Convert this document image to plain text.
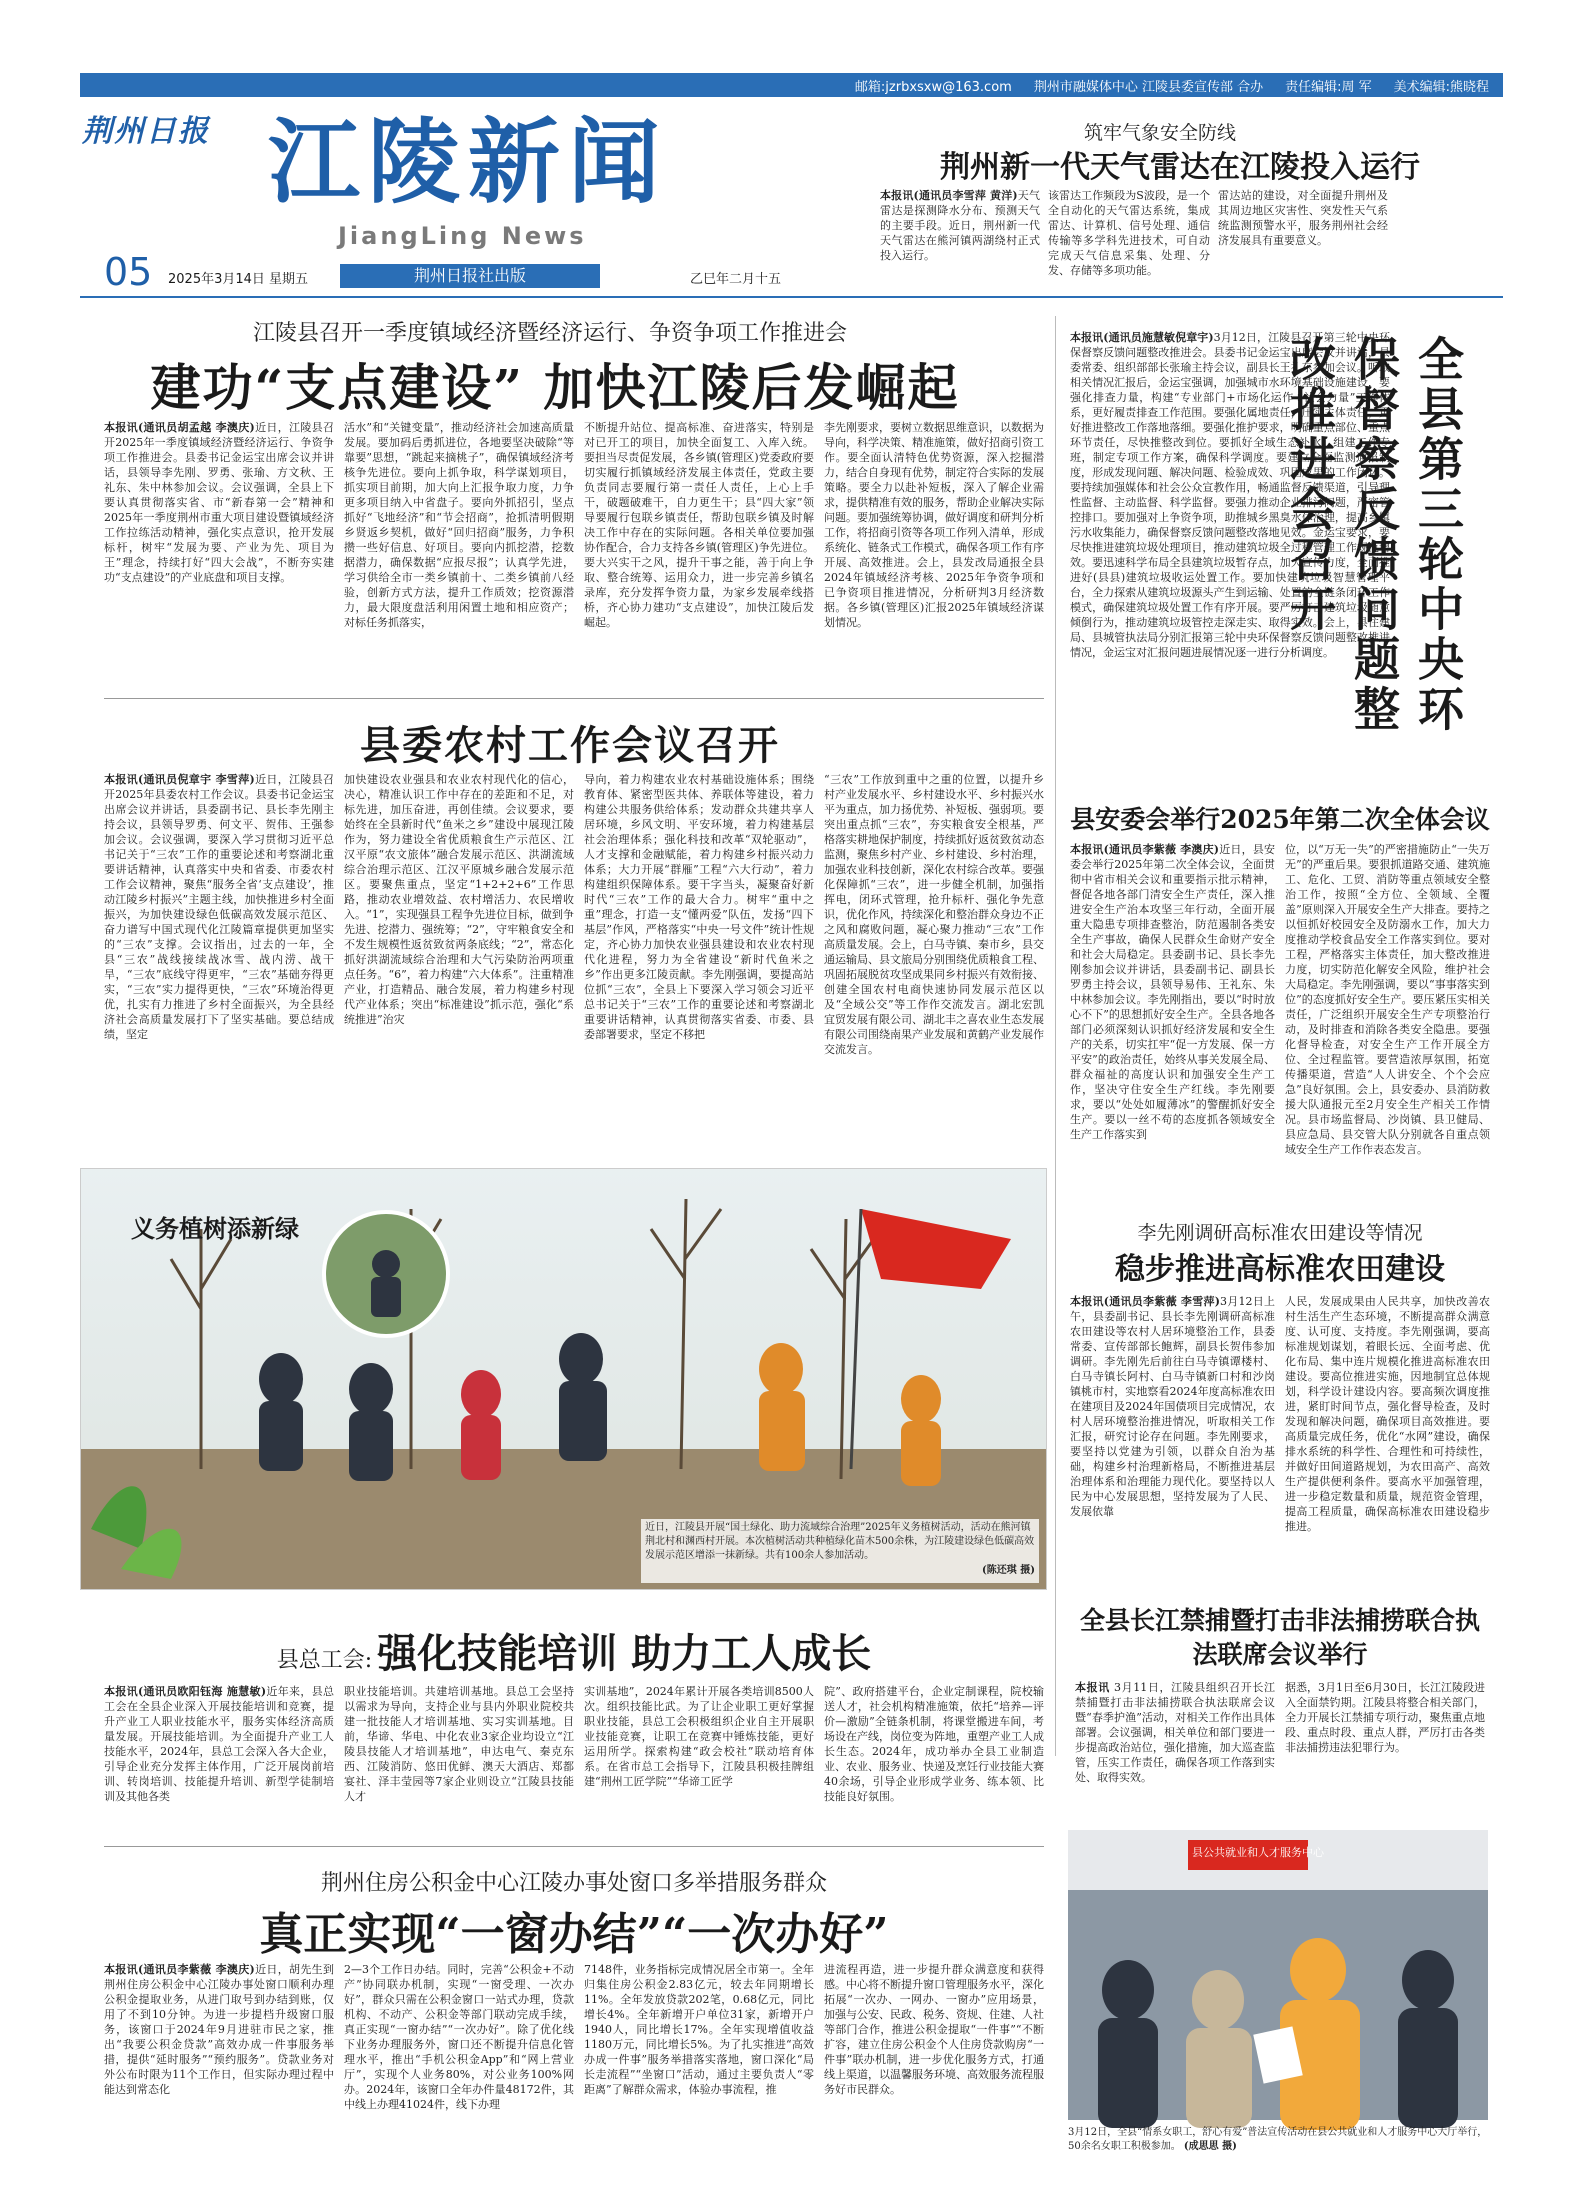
邮箱:jzrbxsxw@163.com 荆州市融媒体中心 江陵县委宣传部 合办 责任编辑:周 军 美术编辑:熊晓程
荆州日报 江陵新闻
JiangLing News
05	2025年3月14日 星期五	荆州日报社出版	乙巳年二月十五
筑牢气象安全防线
荆州新一代天气雷达在江陵投入运行
本报讯(通讯员李雪萍 黄洋)天气雷达是探测降水分布、预测天气的主要手段。近日，荆州新一代天气雷达在熊河镇两湖绕村正式投入运行。
该雷达工作频段为S波段，是一个全自动化的天气雷达系统，集成雷达、计算机、信号处理、通信传输等多学科先进技术，可自动完成天气信息采集、处理、分发、存储等多项功能。
雷达站的建设，对全面提升荆州及其周边地区灾害性、突发性天气系统监测预警水平，服务荆州社会经济发展具有重要意义。
江陵县召开一季度镇域经济暨经济运行、争资争项工作推进会
建功“支点建设” 加快江陵后发崛起
本报讯(通讯员胡孟越 李澳庆)近日，江陵县召开2025年一季度镇域经济暨经济运行、争资争项工作推进会。县委书记金运宝出席会议并讲话，县领导李先刚、罗勇、张瑜、方文秋、王礼东、朱中林参加会议。会议强调，全县上下要认真贯彻落实省、市“新春第一会”精神和2025年一季度荆州市重大项目建设暨镇域经济工作拉练活动精神，强化实点意识，抢开发展标杆，树牢“发展为要、产业为先、项目为王”理念，持续打好“四大会战”，不断夯实建功“支点建设”的产业底盘和项目支撑。
活水”和“关键变量”，推动经济社会加速高质量发展。要加码后勇抓进位，各地要坚决破除“等靠要”思想，“跳起来摘桃子”，确保镇域经济考核争先进位。要向上抓争取，科学谋划项目，抓实项目前期，加大向上汇报争取力度，力争更多项目纳入中省盘子。要向外抓招引，坚点抓好“飞地经济”和“节会招商”，抢抓清明假期乡贤返乡契机，做好“回归招商”服务，力争积攒一些好信息、好项目。要向内抓挖潜，挖数据潜力，确保数据“应报尽报”；认真学先进，学习供给全市一类乡镇前十、二类乡镇前八经验，创新方式方法，提升工作质效；挖资源潜力，最大限度盘活利用闲置土地和相应资产；对标任务抓落实，
不断提升站位、提高标准、奋进落实，特别是对已开工的项目，加快全面复工、入库入统。要担当尽责促发展，各乡镇(管理区)党委政府要切实履行抓镇域经济发展主体责任，党政主要负责同志要履行第一责任人责任，上心上手干，破题破难干，自力更生干；县“四大家”领导要履行包联乡镇责任，帮助包联乡镇及时解决工作中存在的实际问题。各相关单位要加强协作配合，合力支持各乡镇(管理区)争先进位。要大兴实干之风，提升干事之能，善于向上争取、整合统筹、运用众力，进一步完善乡镇名录库，充分发挥争资力量，为家乡发展牵线搭桥，齐心协力建功“支点建设”，加快江陵后发崛起。
李先刚要求，要树立数据思维意识，以数据为导向，科学决策、精准施策，做好招商引资工作。要全面认清特色优势资源，深入挖掘潜力，结合自身现有优势，制定符合实际的发展策略。要全力以赴补短板，深入了解企业需求，提供精准有效的服务，帮助企业解决实际问题。要加强统筹协调，做好调度和研判分析工作，将招商引资等各项工作列入清单，形成系统化、链条式工作模式，确保各项工作有序开展、高效推进。会上，县发改局通报全县2024年镇域经济考核、2025年争资争项和已争资项目推进情况，分析研判3月经济数据。各乡镇(管理区)汇报2025年镇域经济谋划情况。
本报讯(通讯员施慧敏倪章宇)3月12日，江陵县召开第三轮中央环保督察反馈问题整改推进会。县委书记金运宝出席会议并讲话，县委常委、组织部部长张瑜主持会议，副县长王礼东参加会议。听取相关情况汇报后，金运宝强调，加强城市水环境基础设施建设，要强化排查力量，构建“专业部门+市场化运作+社会力量”工作体系，更好履责排查工作范围。要强化属地责任，压实主体责任，更好推进整改工作落地落细。要强化推护要求，明确重点部位、重点环节责任，尽快推整改到位。要抓好全域生态补水，组建工作专班，制定专项工作方案，确保科学调度。要建立全面监测通报制度，形成发现问题、解决问题、检验成效、巩固成果的工作闭环。要持续加强媒体和社会公众宣教作用，畅通监督反馈渠道，引导理性监督、主动监督、科学监督。要强力推动企业排污问题，严密管控排口。要加强对上争资争项，助推城乡黑臭水体治理，提高乡镇污水收集能力，确保督察反馈问题整改落地见效。金运宝要求，要尽快推进建筑垃圾处理项目，推动建筑垃圾全过程管理工作规范增效。要迅速科学布局全县建筑垃圾暂存点，加大宣传力度，全面推进好(县县)建筑垃圾收运处置工作。要加快建筑垃圾智慧管理平台，全力探索从建筑垃圾源头产生到运输、处置的全链条闭环工作模式，确保建筑垃圾处置工作有序开展。要严厉打击建筑垃圾随意倾倒行为，推动建筑垃圾管控走深走实、取得实效。会上，县住建局、县城管执法局分别汇报第三轮中央环保督察反馈问题整改推进情况，金运宝对汇报问题进展情况逐一进行分析调度。	全县第三轮中央环保督察反馈问题整改推进会召开
县委农村工作会议召开
本报讯(通讯员倪章宇 李雪萍)近日，江陵县召开2025年县委农村工作会议。县委书记金运宝出席会议并讲话，县委副书记、县长李先刚主持会议，县领导罗勇、何文平、贺伟、王强参加会议。会议强调，要深入学习贯彻习近平总书记关于“三农”工作的重要论述和考察湖北重要讲话精神，认真落实中央和省委、市委农村工作会议精神，聚焦“服务全省‘支点建设’，推动江陵乡村振兴”主题主线，加快推进乡村全面振兴，为加快建设绿色低碳高效发展示范区、奋力谱写中国式现代化江陵篇章提供更加坚实的“三农”支撑。会议指出，过去的一年，全县“三农”战线接续战冰雪、战内涝、战干旱，“三农”底线守得更牢，“三农”基础夯得更实，“三农”实力提得更快，“三农”环境治得更优，扎实有力推进了乡村全面振兴，为全县经济社会高质量发展打下了坚实基础。要总结成绩，坚定
加快建设农业强县和农业农村现代化的信心，决心，精准认识工作中存在的差距和不足，对标先进，加压奋进，再创佳绩。会议要求，要始终在全县新时代“鱼米之乡”建设中展现江陵作为，努力建设全省优质粮食生产示范区、江汉平原“农文旅体”融合发展示范区、洪湖流域综合治理示范区、江汉平原城乡融合发展示范区。要聚焦重点，坚定“1+2+2+6”工作思路，推动农业增效益、农村增活力、农民增收入。“1”，实现强县工程争先进位目标，做到争先进、挖潜力、强统筹；“2”，守牢粮食安全和不发生规模性返贫致贫两条底线；“2”，常态化抓好洪湖流域综合治理和大气污染防治两项重点任务。“6”，着力构建“六大体系”。注重精准产业，打造精品、融合发展，着力构建乡村现代产业体系；突出“标准建设”抓示范，强化“系统推进”治灾
导向，着力构建农业农村基础设施体系；围绕教育体、紧密型医共体、养联体等建设，着力构建公共服务供给体系；发动群众共建共享人居环境，乡风文明、平安环境，着力构建基层社会治理体系；强化科技和改革“双轮驱动”，人才支撑和金融赋能，着力构建乡村振兴动力体系；大力开展“群雁”工程“六大行动”，着力构建组织保障体系。要干字当头，凝聚奋好新时代“三农”工作的最大合力。树牢“重中之重”理念，打造一支“懂两爱”队伍，发扬“四下基层”作风，严格落实“中央一号文件”统计性规定，齐心协力加快农业强县建设和农业农村现代化进程，努力为全省建设“新时代鱼米之乡”作出更多江陵贡献。李先刚强调，要提高站位抓“三农”，全县上下要深入学习领会习近平总书记关于“三农”工作的重要论述和考察湖北重要讲话精神，认真贯彻落实省委、市委、县委部署要求，坚定不移把
“三农”工作放到重中之重的位置，以提升乡村产业发展水平、乡村建设水平、乡村振兴水平为重点，加力扬优势、补短板、强弱项。要突出重点抓“三农”，夯实粮食安全根基，严格落实耕地保护制度，持续抓好返贫致贫动态监测，聚焦乡村产业、乡村建设、乡村治理，加强农业科技创新，深化农村综合改革。要强化保障抓“三农”，进一步健全机制，加强指挥电，闭环式管理，抢升标杆、强化争先意识，优化作风，持续深化和整治群众身边不正之风和腐败问题，凝心聚力推动“三农”工作高质量发展。会上，白马寺镇、秦市乡，县交通运输局、县文旅局分别围绕优质粮食工程、巩固拓展脱贫攻坚成果同乡村振兴有效衔接、创建全国农村电商快速协同发展示范区以及“全域公交”等工作作交流发言。湖北宏凯宜贸发展有限公司、湖北丰之喜农业生态发展有限公司围绕南果产业发展和黄鹤产业发展作交流发言。
县安委会举行2025年第二次全体会议
本报讯(通讯员李紫薇 李澳庆)近日，县安委会举行2025年第二次全体会议，全面贯彻中省市相关会议和重要指示批示精神，督促各地各部门清安全生产责任，深入推进安全生产治本攻坚三年行动，全面开展重大隐患专项排查整治，防范遏制各类安全生产事故，确保人民群众生命财产安全和社会大局稳定。县委副书记、县长李先刚参加会议并讲话，县委副书记、副县长罗勇主持会议，县领导易伟、王礼东、朱中林参加会议。李先刚指出，要以“时时放心不下”的思想抓好安全生产。全县各地各部门必须深刻认识抓好经济发展和安全生产的关系，切实扛牢“促一方发展、保一方平安”的政治责任，始终从事关发展全局、群众福祉的高度认识和加强安全生产工作，坚决守住安全生产红线。李先刚要求，要以“处处如履薄冰”的警醒抓好安全生产。要以一丝不苟的态度抓各领域安全生产工作落实到
位，以“万无一失”的严密措施防止“一失万无”的严重后果。要狠抓道路交通、建筑施工、危化、工贸、消防等重点领域安全整治工作，按照“全方位、全领域、全覆盖”原则深入开展安全生产大排查。要持之以恒抓好校园安全及防溺水工作，加大力度推动学校食品安全工作落实到位。要对工程，严格落实主体责任，加大整改推进力度，切实防范化解安全风险，维护社会大局稳定。李先刚强调，要以“事事落实到位”的态度抓好安全生产。要压紧压实相关责任，广泛组织开展安全生产专项整治行动，及时排查和消除各类安全隐患。要强化督导检查，对安全生产工作开展全方位、全过程监管。要营造浓厚氛围，拓宽传播渠道，营造“人人讲安全、个个会应急”良好氛围。会上，县安委办、县消防救援大队通报元至2月安全生产相关工作情况。县市场监督局、沙岗镇、县卫健局、县应急局、县交管大队分别就各自重点领域安全生产工作作表态发言。
义务植树添新绿
近日，江陵县开展“国土绿化、助力流域综合治理”2025年义务植树活动，活动在熊河镇荆北村和渊西村开展。本次植树活动共种植绿化苗木500余株，为江陵建设绿色低碳高效发展示范区增添一抹新绿。共有100余人参加活动。
(陈还琪 摄)
李先刚调研高标准农田建设等情况
稳步推进高标准农田建设
本报讯(通讯员李紫薇 李雪萍)3月12日上午，县委副书记、县长李先刚调研高标准农田建设等农村人居环境整治工作，县委常委、宣传部部长鲍辉，副县长贺伟参加调研。李先刚先后前往白马寺镇谭楼村、白马寺镇长阿村、白马寺镇新口村和沙岗镇桃市村，实地察看2024年度高标准农田在建项目及2024年国债项目完成情况，农村人居环境整治推进情况，听取相关工作汇报，研究讨论存在问题。李先刚要求，要坚持以党建为引领，以群众自治为基础，构建乡村治理新格局，不断推进基层治理体系和治理能力现代化。要坚持以人民为中心发展思想，坚持发展为了人民、发展依靠
人民，发展成果由人民共享，加快改善农村生活生产生态环境，不断提高群众满意度、认可度、支持度。李先刚强调，要高标准规划谋划，着眼长远、全面考虑、优化布局、集中连片规模化推进高标准农田建设。要高位推进实施，因地制宜总体规划，科学设计建设内容。要高频次调度推进，紧盯时间节点，强化督导检查，及时发现和解决问题，确保项目高效推进。要高质量完成任务，优化“水网”建设，确保排水系统的科学性、合理性和可持续性，并做好田间道路规划，为农田高产、高效生产提供便利条件。要高水平加强管理，进一步稳定数量和质量，规范资金管理，提高工程质量，确保高标准农田建设稳步推进。
县总工会: 强化技能培训 助力工人成长
本报讯(通讯员欧阳钰海 施慧敏)近年来，县总工会在全县企业深入开展技能培训和竞赛，提升产业工人职业技能水平，服务实体经济高质量发展。开展技能培训。为全面提升产业工人技能水平，2024年，县总工会深入各大企业，引导企业充分发挥主体作用，广泛开展岗前培训、转岗培训、技能提升培训、新型学徒制培训及其他各类
职业技能培训。共建培训基地。县总工会坚持以需求为导向，支持企业与县内外职业院校共建一批技能人才培训基地、实习实训基地。目前，华谛、华电、中化农业3家企业均设立“江陵县技能人才培训基地”，申达电气、秦克东西、江陵消防、悠田优鲜、澳天大酒店、郑都宴社、泽丰莹园等7家企业则设立“江陵县技能人才
实训基地”，2024年累计开展各类培训8500人次。组织技能比武。为了让企业职工更好掌握职业技能，县总工会积极组织企业自主开展职业技能竞赛，让职工在竞赛中锤炼技能，更好运用所学。探索构建“政会校社”联动培育体系。在省市总工会指导下，江陵县积极挂牌组建“荆州工匠学院”“华谛工匠学
院”、政府搭建平台，企业定制课程，院校输送人才，社会机构精准施策，依托“培养—评价—激励”全链条机制，将课堂搬进车间，考场设在产线，岗位变为阵地，重塑产业工人成长生态。2024年，成功举办全县工业制造业、农业、服务业、快递及烹饪行业技能大赛40余场，引导企业形成学业务、练本领、比技能良好氛围。
全县长江禁捕暨打击非法捕捞联合执法联席会议举行
本报讯 3月11日，江陵县组织召开长江禁捕暨打击非法捕捞联合执法联席会议暨“春季护渔”活动，对相关工作作出具体部署。会议强调，相关单位和部门要进一步提高政治站位，强化措施，加大巡查监管，压实工作责任，确保各项工作落到实处、取得实效。
据悉，3月1日至6月30日，长江江陵段进入全面禁钓期。江陵县将整合相关部门，全力开展长江禁捕专项行动，聚焦重点地段、重点时段、重点人群，严厉打击各类非法捕捞违法犯罪行为。
荆州住房公积金中心江陵办事处窗口多举措服务群众
真正实现“一窗办结”“一次办好”
本报讯(通讯员李紫薇 李澳庆)近日，胡先生到荆州住房公积金中心江陵办事处窗口顺利办理公积金提取业务，从进门取号到办结到账，仅用了不到10分钟。为进一步提档升级窗口服务，该窗口于2024年9月进驻市民之家，推出“我要公积金贷款”高效办成一件事服务举措，提供“延时服务”“预约服务”。贷款业务对外公布时限为11个工作日，但实际办理过程中能达到常态化
2—3个工作日办结。同时，完善“公积金+不动产”协同联办机制，实现“一窗受理、一次办好”，群众只需在公积金窗口一站式办理，贷款机构、不动产、公积金等部门联动完成手续，真正实现“一窗办结”“一次办好”。除了优化线下业务办理服务外，窗口还不断提升信息化管理水平，推出“手机公积金App”和“网上营业厅”，实现个人业务80%，对公业务100%网办。2024年，该窗口全年办件量48172件，其中线上办理41024件，线下办理
7148件，业务指标完成情况居全市第一。全年归集住房公积金2.83亿元，较去年同期增长11%。全年发放贷款202笔，0.68亿元，同比增长4%。全年新增开户单位31家，新增开户1940人，同比增长17%。全年实现增值收益1180万元，同比增长5%。为了扎实推进“高效办成一件事”服务举措落实落地，窗口深化“局长走流程”“坐窗口”活动，通过主要负责人“零距离”了解群众需求，体验办事流程，推
进流程再造，进一步提升群众满意度和获得感。中心将不断提升窗口管理服务水平，深化拓展“一次办、一网办、一窗办”应用场景，加强与公安、民政、税务、资规、住建、人社等部门合作，推进公积金提取“一件事”“不断扩容，建立住房公积金个人住房贷款购房“一件事”联办机制，进一步优化服务方式，打通线上渠道，以温馨服务环境、高效服务流程服务好市民群众。
县公共就业和人才服务中心
3月12日，全县“情系女职工，舒心有爱”普法宣传活动在县公共就业和人才服务中心大厅举行，50余名女职工积极参加。 (成思思 摄)
